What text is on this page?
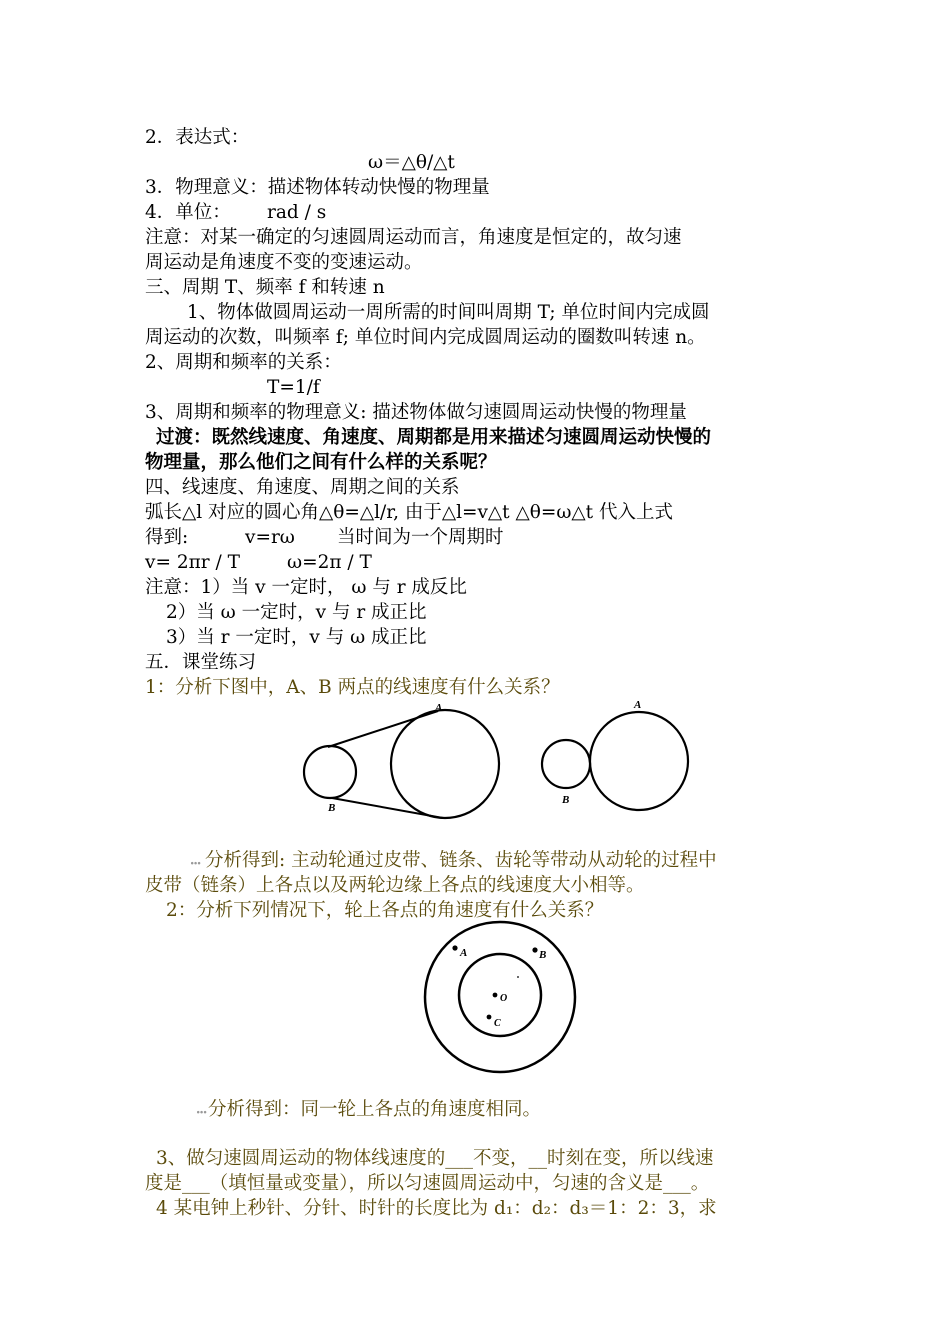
2．表达式：
ω＝△θ/△t
3．物理意义：描述物体转动快慢的物理量
4．单位： rad / s
注意：对某一确定的匀速圆周运动而言，角速度是恒定的，故匀速
周运动是角速度不变的变速运动。
三、周期 T、频率 f 和转速 n
1、物体做圆周运动一周所需的时间叫周期 T; 单位时间内完成圆
周运动的次数，叫频率 f; 单位时间内完成圆周运动的圈数叫转速 n。
2、周期和频率的关系：
T=1/f
3、周期和频率的物理意义: 描述物体做匀速圆周运动快慢的物理量
过渡：既然线速度、角速度、周期都是用来描述匀速圆周运动快慢的
物理量，那么他们之间有什么样的关系呢？
四、线速度、角速度、周期之间的关系
弧长△l 对应的圆心角△θ=△l/r, 由于△l=v△t △θ=ω△t 代入上式
得到:	v=rω 当时间为一个周期时
v= 2πr / T	ω=2π / T
注意：1）当 v 一定时， ω 与 r 成反比
2）当 ω 一定时，v 与 r 成正比
3）当 r 一定时，v 与 ω 成正比
五．课堂练习
1：分析下图中，A、B 两点的线速度有什么关系？
A
B
A
B
∙∙∙ 分析得到: 主动轮通过皮带、链条、齿轮等带动从动轮的过程中
皮带（链条）上各点以及两轮边缘上各点的线速度大小相等。
2：分析下列情况下，轮上各点的角速度有什么关系？
A	B
O
C
∙∙∙ 分析得到：同一轮上各点的角速度相同。
3、做匀速圆周运动的物体线速度的___不变，__时刻在变，所以线速
度是___（填恒量或变量），所以匀速圆周运动中，匀速的含义是___。
4 某电钟上秒针、分针、时针的长度比为 d₁：d₂：d₃＝1：2：3，求
